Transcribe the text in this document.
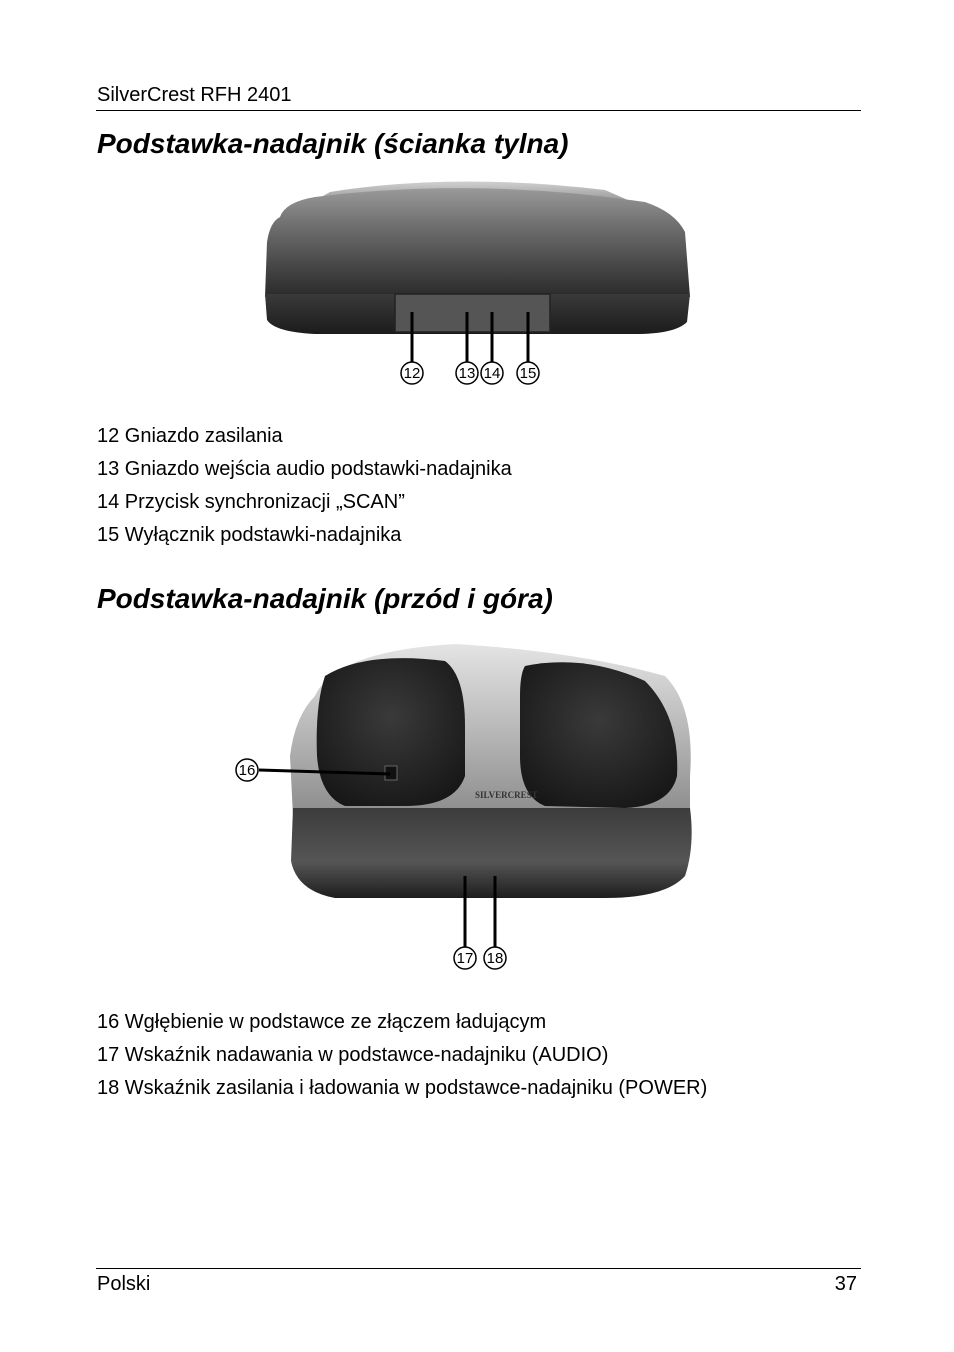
SilverCrest RFH 2401
Podstawka-nadajnik (ścianka tylna)
12	13 14 15
12 Gniazdo zasilania
13 Gniazdo wejścia audio podstawki-nadajnika
14 Przycisk synchronizacji „SCAN”
15 Wyłącznik podstawki-nadajnika
Podstawka-nadajnik (przód i góra)
SILVERCREST
16
17 18
16 Wgłębienie w podstawce ze złączem ładującym
17 Wskaźnik nadawania w podstawce-nadajniku (AUDIO)
18 Wskaźnik zasilania i ładowania w podstawce-nadajniku (POWER)
Polski	37
